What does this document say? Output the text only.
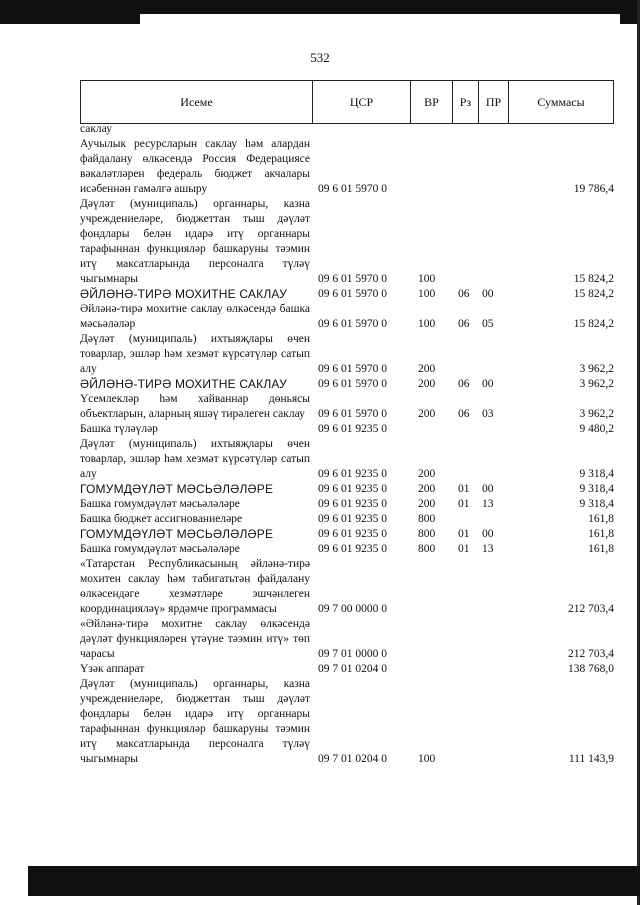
532
Исеме	ЦСР	ВР	Рз	ПР	Суммасы
саклау
Аучылык ресурсларын саклау һәм алардан файдалану өлкәсендә Россия Федерациясе вәкаләтләрен федераль бюджет акчалары исәбеннән гамәлгә ашыру	09 6 01 5970 0	19 786,4
Дәүләт (муниципаль) органнары, казна учреждениеләре, бюджеттан тыш дәүләт фондлары белән идарә итү органнары тарафыннан функцияләр башкаруны тәэмин итү максатларында персоналга түләү чыгымнары	09 6 01 5970 0	100	15 824,2
ӘЙЛӘНӘ-ТИРӘ МОХИТНЕ САКЛАУ	09 6 01 5970 0	100	06	00	15 824,2
Әйләнә-тирә мохитне саклау өлкәсендә башка мәсьәләләр	09 6 01 5970 0	100	06	05	15 824,2
Дәүләт (муниципаль) ихтыяҗлары өчен товарлар, эшләр һәм хезмәт күрсәтүләр сатып алу	09 6 01 5970 0	200	3 962,2
ӘЙЛӘНӘ-ТИРӘ МОХИТНЕ САКЛАУ	09 6 01 5970 0	200	06	00	3 962,2
Үсемлекләр һәм хайваннар дөньясы объектларын, аларның яшәү тирәлеген саклау	09 6 01 5970 0	200	06	03	3 962,2
Башка түләүләр	09 6 01 9235 0	9 480,2
Дәүләт (муниципаль) ихтыяҗлары өчен товарлар, эшләр һәм хезмәт күрсәтүләр сатып алу	09 6 01 9235 0	200	9 318,4
ГОМУМДӘҮЛӘТ МӘСЬӘЛӘЛӘРЕ	09 6 01 9235 0	200	01	00	9 318,4
Башка гомумдәүләт мәсьәләләре	09 6 01 9235 0	200	01	13	9 318,4
Башка бюджет ассигнованиеләре	09 6 01 9235 0	800	161,8
ГОМУМДӘҮЛӘТ МӘСЬӘЛӘЛӘРЕ	09 6 01 9235 0	800	01	00	161,8
Башка гомумдәүләт мәсьәләләре	09 6 01 9235 0	800	01	13	161,8
«Татарстан Республикасының әйләнә-тирә мохитен саклау һәм табигатьтән файдалану өлкәсендәге хезмәтләре эшчәнлеген координацияләү» ярдәмче программасы	09 7 00 0000 0	212 703,4
«Әйләнә-тирә мохитне саклау өлкәсендә дәүләт функцияләрен үтәүне тәэмин итү» төп чарасы	09 7 01 0000 0	212 703,4
Үзәк аппарат	09 7 01 0204 0	138 768,0
Дәүләт (муниципаль) органнары, казна учреждениеләре, бюджеттан тыш дәүләт фондлары белән идарә итү органнары тарафыннан функцияләр башкаруны тәэмин итү максатларында персоналга түләү чыгымнары	09 7 01 0204 0	100	111 143,9
